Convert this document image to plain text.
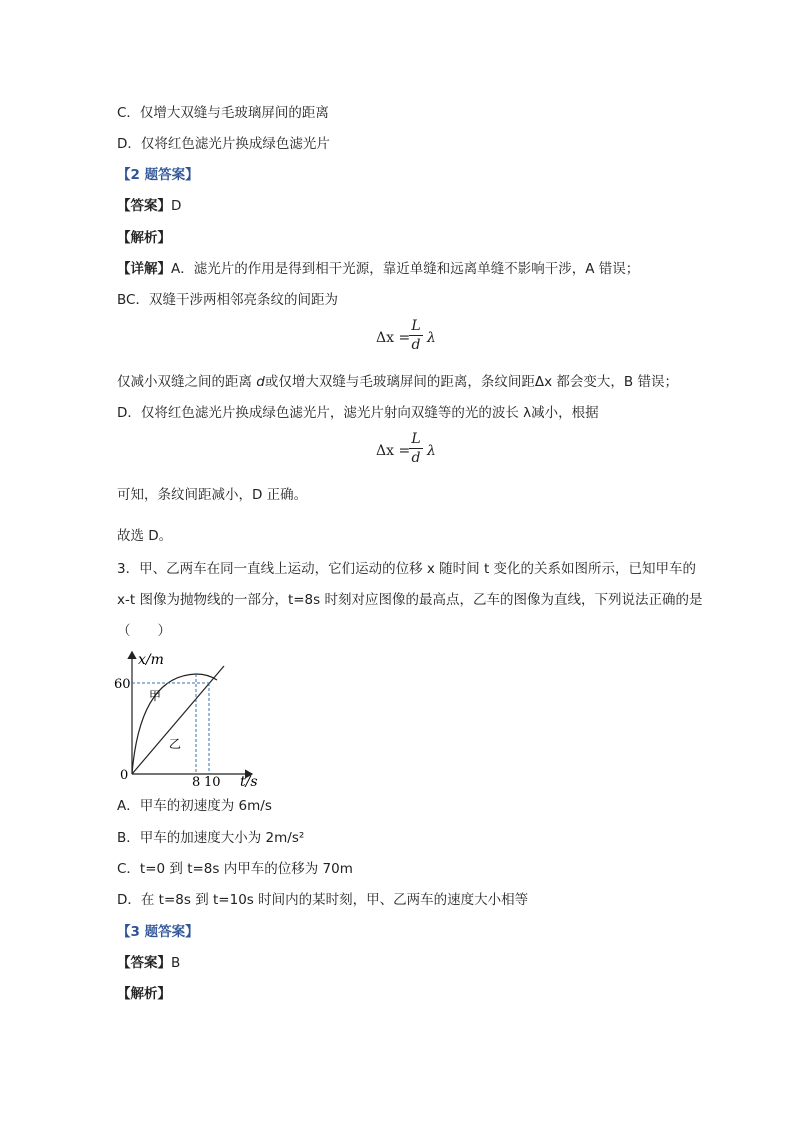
C．仅增大双缝与毛玻璃屏间的距离
D．仅将红色滤光片换成绿色滤光片
【2 题答案】
【答案】D
【解析】
【详解】A．滤光片的作用是得到相干光源，靠近单缝和远离单缝不影响干涉，A 错误；
BC．双缝干涉两相邻亮条纹的间距为
Δx =
L
d λ
仅减小双缝之间的距离 d或仅增大双缝与毛玻璃屏间的距离，条纹间距Δx 都会变大，B 错误；
D．仅将红色滤光片换成绿色滤光片，滤光片射向双缝等的光的波长 λ减小，根据
Δx =
L
d λ
可知，条纹间距减小，D 正确。
故选 D。
3．甲、乙两车在同一直线上运动，它们运动的位移 x 随时间 t 变化的关系如图所示，已知甲车的
x-t 图像为抛物线的一部分，t=8s 时刻对应图像的最高点，乙车的图像为直线，下列说法正确的是
（　　）
x/m
60
0	8 10 t/s
甲
乙
A．甲车的初速度为 6m/s
B．甲车的加速度大小为 2m/s²
C．t=0 到 t=8s 内甲车的位移为 70m
D．在 t=8s 到 t=10s 时间内的某时刻，甲、乙两车的速度大小相等
【3 题答案】
【答案】B
【解析】
